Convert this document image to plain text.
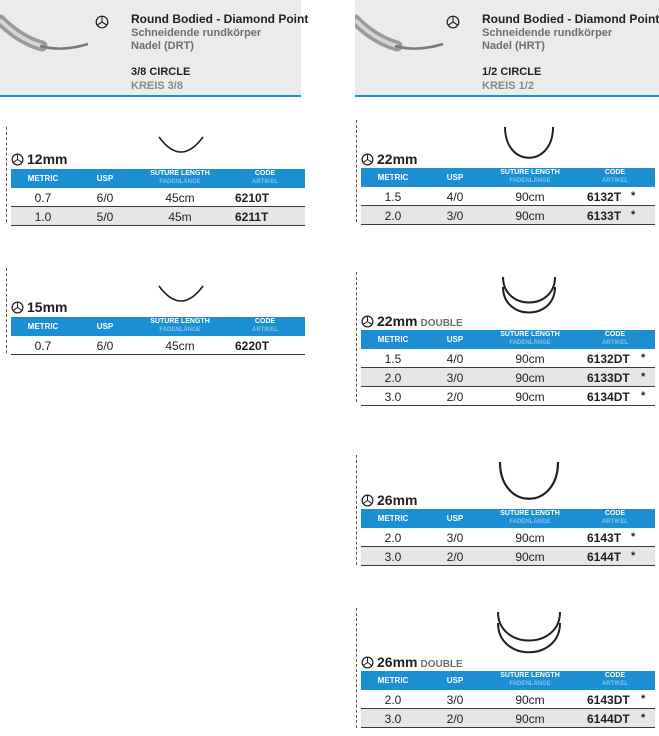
Round Bodied - Diamond Point
Schneidende rundkörper
Nadel (DRT)
3/8 CIRCLE
KREIS 3/8
Round Bodied - Diamond Point
Schneidende rundkörper
Nadel (HRT)
1/2 CIRCLE
KREIS 1/2
12mm
METRIC	USP
SUTURE LENGTH
FADENLÄNGE
CODE
ARTIKEL
0.7	6/0	45cm	6210T
1.0	5/0	45m	6211T
15mm
METRIC	USP
SUTURE LENGTH
FADENLÄNGE
CODE
ARTIKEL
0.7	6/0	45cm	6220T
22mm
METRIC	USP
SUTURE LENGTH
FADENLÄNGE
CODE
ARTIKEL
1.5	4/0	90cm	6132T *
2.0	3/0	90cm	6133T *
22mm DOUBLE
METRIC	USP
SUTURE LENGTH
FADENLÄNGE
CODE
ARTIKEL
1.5	4/0	90cm	6132DT *
2.0	3/0	90cm	6133DT *
3.0	2/0	90cm	6134DT *
26mm
METRIC	USP
SUTURE LENGTH
FADENLÄNGE
CODE
ARTIKEL
2.0	3/0	90cm	6143T *
3.0	2/0	90cm	6144T *
26mm DOUBLE
METRIC	USP
SUTURE LENGTH
FADENLÄNGE
CODE
ARTIKEL
2.0	3/0	90cm	6143DT *
3.0	2/0	90cm	6144DT *
